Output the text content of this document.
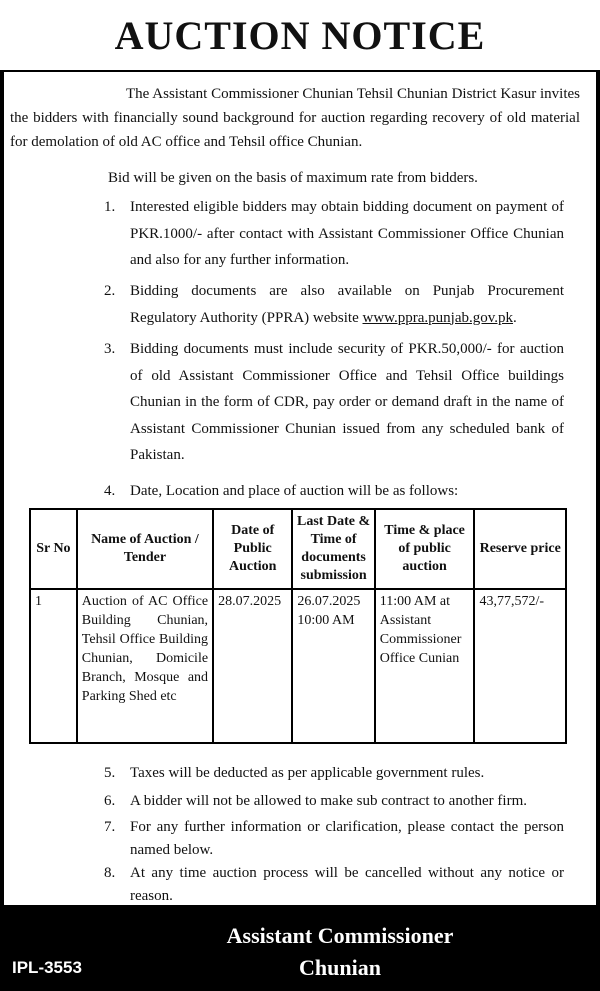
AUCTION NOTICE
The Assistant Commissioner Chunian Tehsil Chunian District Kasur invites the bidders with financially sound background for auction regarding recovery of old material for demolation of old AC office and Tehsil office Chunian.
Bid will be given on the basis of maximum rate from bidders.
1. Interested eligible bidders may obtain bidding document on payment of PKR.1000/- after contact with Assistant Commissioner Office Chunian and also for any further information.
2. Bidding documents are also available on Punjab Procurement Regulatory Authority (PPRA) website www.ppra.punjab.gov.pk.
3. Bidding documents must include security of PKR.50,000/- for auction of old Assistant Commissioner Office and Tehsil Office buildings Chunian in the form of CDR, pay order or demand draft in the name of Assistant Commissioner Chunian issued from any scheduled bank of Pakistan.
4. Date, Location and place of auction will be as follows:
Sr No	Name of Auction / Tender	Date of Public Auction	Last Date & Time of documents submission	Time & place of public auction	Reserve price
1	Auction of AC Office Building Chunian, Tehsil Office Building Chunian, Domicile Branch, Mosque and Parking Shed etc	28.07.2025	26.07.2025 10:00 AM	11:00 AM at Assistant Commissioner Office Cunian	43,77,572/-
5. Taxes will be deducted as per applicable government rules.
6. A bidder will not be allowed to make sub contract to another firm.
7. For any further information or clarification, please contact the person named below.
8. At any time auction process will be cancelled without any notice or reason.
Assistant Commissioner
Chunian
IPL-3553
